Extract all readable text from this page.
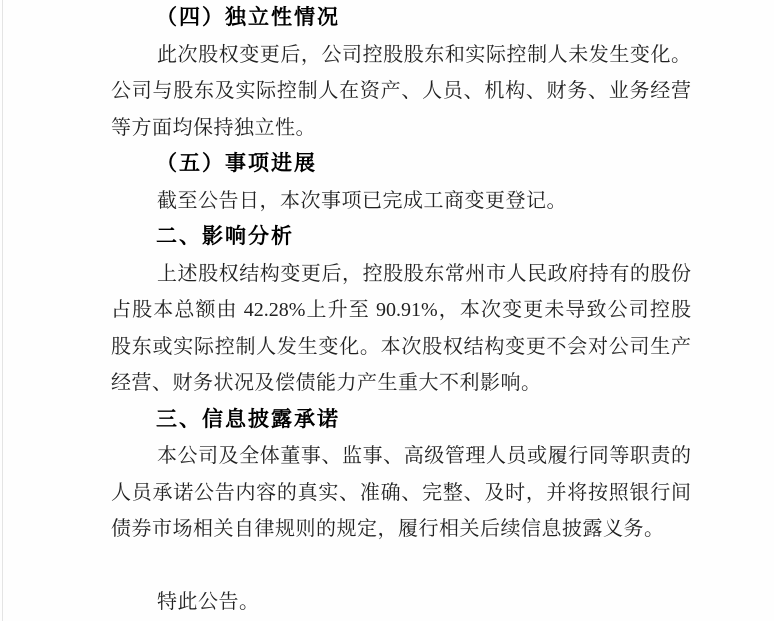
（四）独立性情况
此次股权变更后，公司控股股东和实际控制人未发生变化。
公司与股东及实际控制人在资产、人员、机构、财务、业务经营
等方面均保持独立性。
（五）事项进展
截至公告日，本次事项已完成工商变更登记。
二、影响分析
上述股权结构变更后，控股股东常州市人民政府持有的股份
占股本总额由 42.28%上升至 90.91%，本次变更未导致公司控股
股东或实际控制人发生变化。本次股权结构变更不会对公司生产
经营、财务状况及偿债能力产生重大不利影响。
三、信息披露承诺
本公司及全体董事、监事、高级管理人员或履行同等职责的
人员承诺公告内容的真实、准确、完整、及时，并将按照银行间
债券市场相关自律规则的规定，履行相关后续信息披露义务。
特此公告。
